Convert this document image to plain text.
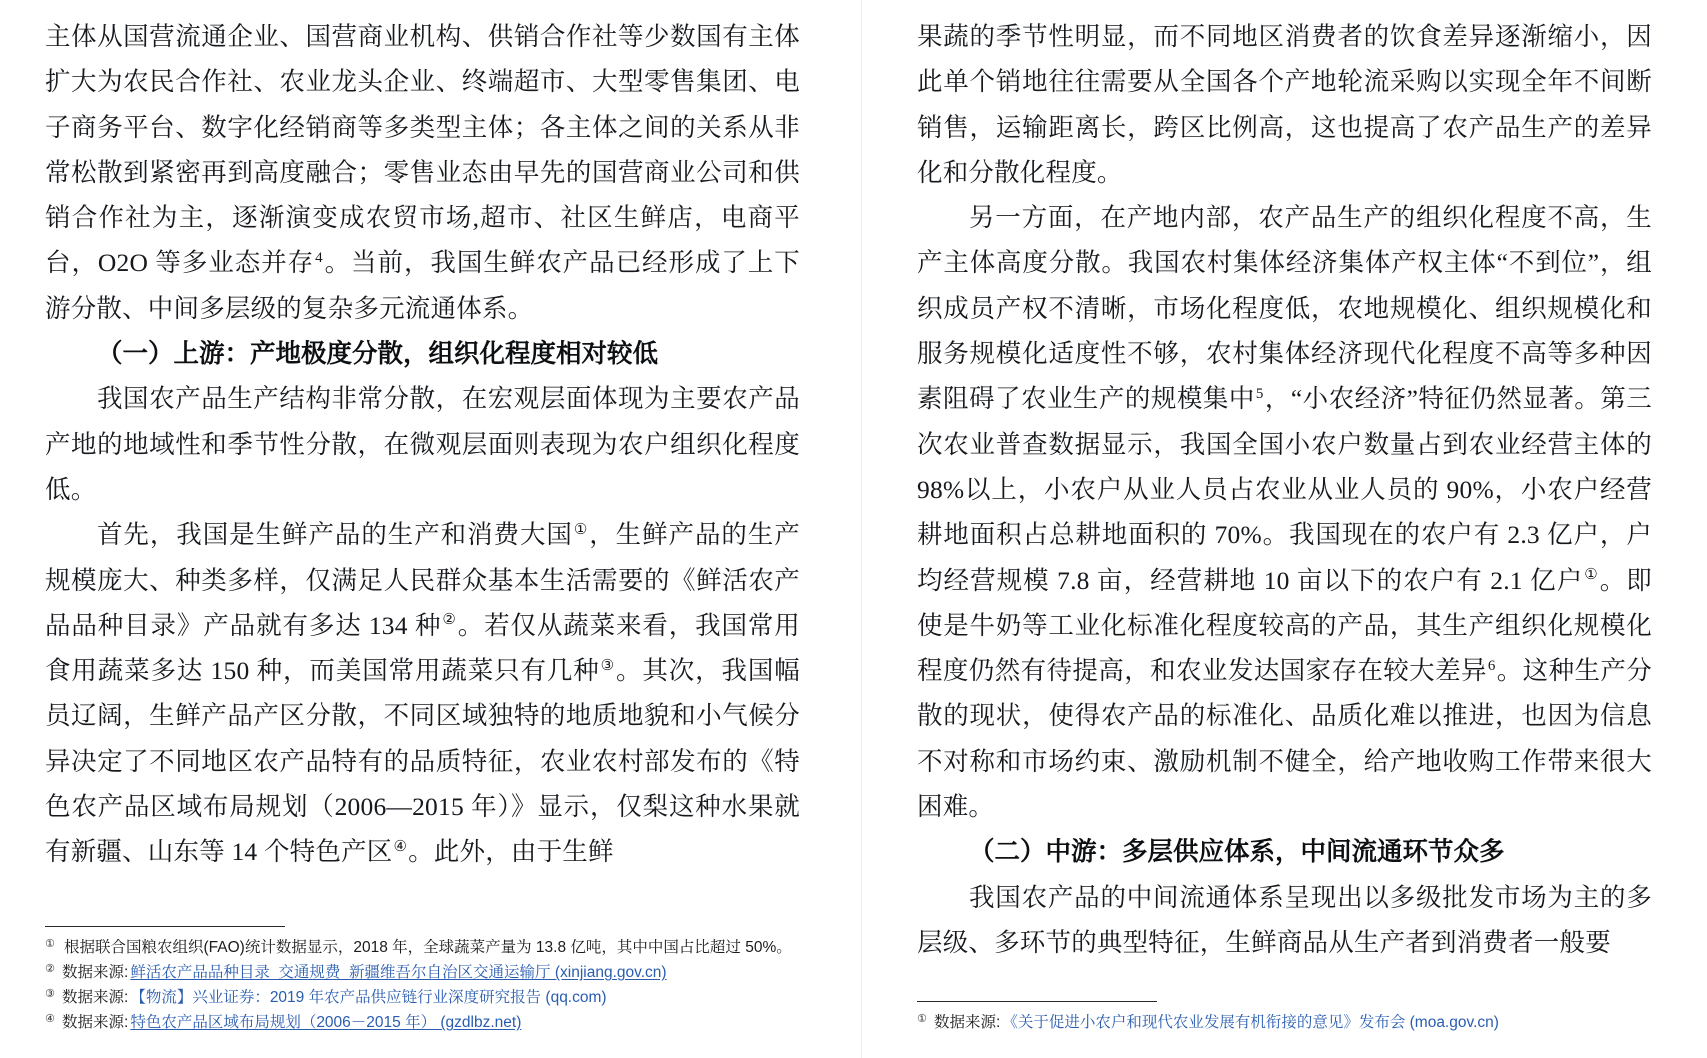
主体从国营流通企业、国营商业机构、供销合作社等少数国有主体扩大为农民合作社、农业龙头企业、终端超市、大型零售集团、电子商务平台、数字化经销商等多类型主体；各主体之间的关系从非常松散到紧密再到高度融合；零售业态由早先的国营商业公司和供销合作社为主，逐渐演变成农贸市场,超市、社区生鲜店，电商平台，O2O 等多业态并存$^4$。当前，我国生鲜农产品已经形成了上下游分散、中间多层级的复杂多元流通体系。

（一）上游：产地极度分散，组织化程度相对较低

我国农产品生产结构非常分散，在宏观层面体现为主要农产品产地的地域性和季节性分散，在微观层面则表现为农户组织化程度低。

首先，我国是生鲜产品的生产和消费大国①，生鲜产品的生产规模庞大、种类多样，仅满足人民群众基本生活需要的《鲜活农产品品种目录》产品就有多达 134 种②。若仅从蔬菜来看，我国常用食用蔬菜多达 150 种，而美国常用蔬菜只有几种③。其次，我国幅员辽阔，生鲜产品产区分散，不同区域独特的地质地貌和小气候分异决定了不同地区农产品特有的品质特征，农业农村部发布的《特色农产品区域布局规划（2006—2015 年）》显示，仅梨这种水果就有新疆、山东等 14 个特色产区④。此外，由于生鲜

① 根据联合国粮农组织(FAO)统计数据显示，2018 年，全球蔬菜产量为 13.8 亿吨，其中中国占比超过 50%。
② 数据来源: 鲜活农产品品种目录_交通规费_新疆维吾尔自治区交通运输厅 (xinjiang.gov.cn)
③ 数据来源: 【物流】兴业证券：2019 年农产品供应链行业深度研究报告 (qq.com)
④ 数据来源: 特色农产品区域布局规划（2006－2015 年） (gzdlbz.net)

果蔬的季节性明显，而不同地区消费者的饮食差异逐渐缩小，因此单个销地往往需要从全国各个产地轮流采购以实现全年不间断销售，运输距离长，跨区比例高，这也提高了农产品生产的差异化和分散化程度。

另一方面，在产地内部，农产品生产的组织化程度不高，生产主体高度分散。我国农村集体经济集体产权主体“不到位”，组织成员产权不清晰，市场化程度低，农地规模化、组织规模化和服务规模化适度性不够，农村集体经济现代化程度不高等多种因素阻碍了农业生产的规模集中$^5$，“小农经济”特征仍然显著。第三次农业普查数据显示，我国全国小农户数量占到农业经营主体的 98%以上，小农户从业人员占农业从业人员的 90%，小农户经营耕地面积占总耕地面积的 70%。我国现在的农户有 2.3 亿户，户均经营规模 7.8 亩，经营耕地 10 亩以下的农户有 2.1 亿户①。即使是牛奶等工业化标准化程度较高的产品，其生产组织化规模化程度仍然有待提高，和农业发达国家存在较大差异$^6$。这种生产分散的现状，使得农产品的标准化、品质化难以推进，也因为信息不对称和市场约束、激励机制不健全，给产地收购工作带来很大困难。

（二）中游：多层供应体系，中间流通环节众多

我国农产品的中间流通体系呈现出以多级批发市场为主的多层级、多环节的典型特征，生鲜商品从生产者到消费者一般要

① 数据来源: 《关于促进小农户和现代农业发展有机衔接的意见》发布会 (moa.gov.cn)
